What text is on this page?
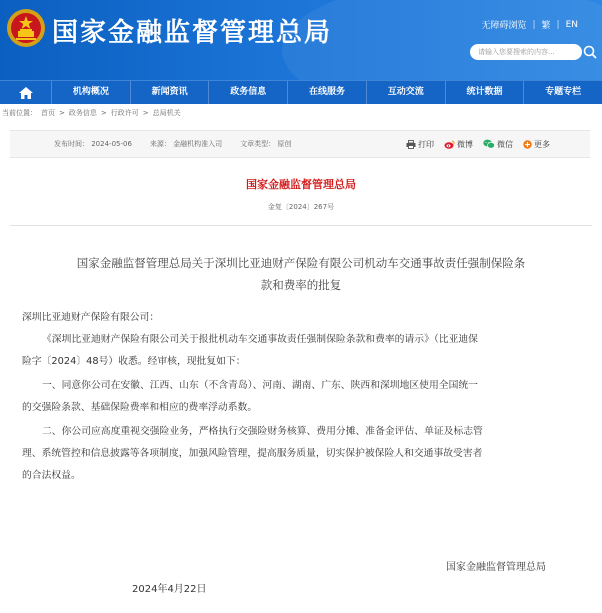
国家金融监督管理总局	无障碍浏览 | 繁 | EN
请输入您要搜索的内容...
机构概况	新闻资讯	政务信息	在线服务	互动交流	统计数据	专题专栏
当前位置： 首页 > 政务信息 > 行政许可 > 总局机关
发布时间： 2024-05-06	来源： 金融机构准入司	文章类型： 原创	打印	微博	微信	更多
国家金融监督管理总局
金复〔2024〕267号
国家金融监督管理总局关于深圳比亚迪财产保险有限公司机动车交通事故责任强制保险条
款和费率的批复
深圳比亚迪财产保险有限公司：
《深圳比亚迪财产保险有限公司关于报批机动车交通事故责任强制保险条款和费率的请示》（比亚迪保
险字〔2024〕48号）收悉。经审核，现批复如下：
一、同意你公司在安徽、江西、山东（不含青岛）、河南、湖南、广东、陕西和深圳地区使用全国统一
的交强险条款、基础保险费率和相应的费率浮动系数。
二、你公司应高度重视交强险业务，严格执行交强险财务核算、费用分摊、准备金评估、单证及标志管
理、系统管控和信息披露等各项制度，加强风险管理，提高服务质量，切实保护被保险人和交通事故受害者
的合法权益。
国家金融监督管理总局
2024年4月22日
